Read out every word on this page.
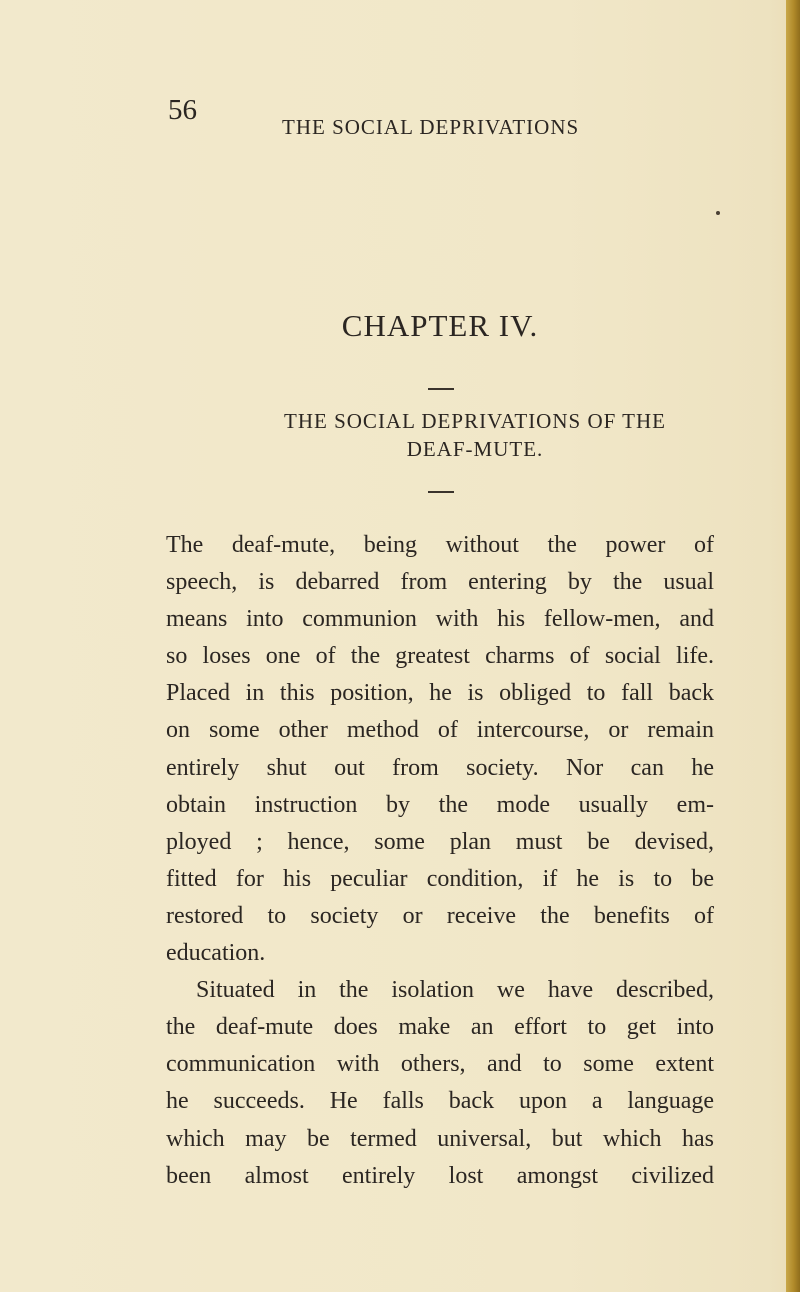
56
THE SOCIAL DEPRIVATIONS
CHAPTER IV.
THE SOCIAL DEPRIVATIONS OF THE
DEAF-MUTE.
The deaf-mute, being without the power of
speech, is debarred from entering by the usual
means into communion with his fellow-men, and
so loses one of the greatest charms of social life.
Placed in this position, he is obliged to fall back
on some other method of intercourse, or remain
entirely shut out from society. Nor can he
obtain instruction by the mode usually em-
ployed ; hence, some plan must be devised,
fitted for his peculiar condition, if he is to be
restored to society or receive the benefits of
education.
Situated in the isolation we have described,
the deaf-mute does make an effort to get into
communication with others, and to some extent
he succeeds. He falls back upon a language
which may be termed universal, but which has
been almost entirely lost amongst civilized
